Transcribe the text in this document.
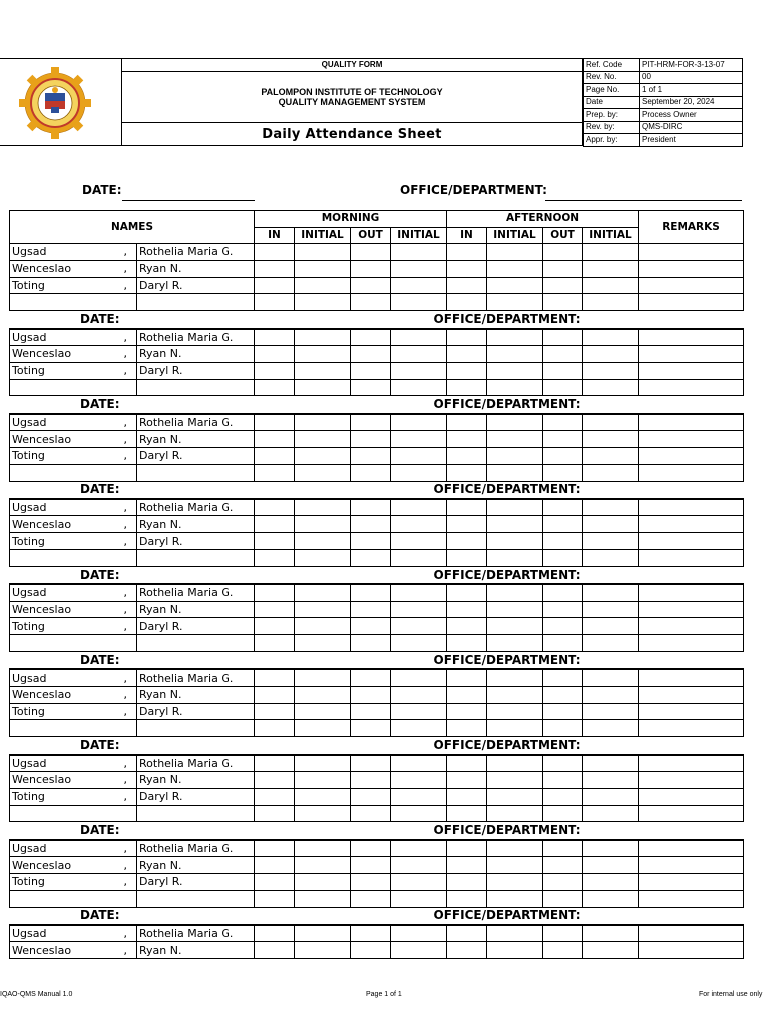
QUALITY FORM
PALOMPON INSTITUTE OF TECHNOLOGY
QUALITY MANAGEMENT SYSTEM
Daily Attendance Sheet
Ref. Code	PIT-HRM-FOR-3-13-07
Rev. No.	00
Page No.	1 of 1
Date	September 20, 2024
Prep. by:	Process Owner
Rev. by:	QMS-DIRC
Appr. by:	President
DATE:	OFFICE/DEPARTMENT:
NAMES			MORNING				AFTERNOON				REMARKS
			IN	INITIAL	OUT	INITIAL	IN	INITIAL	OUT	INITIAL	
Ugsad	,	Rothelia Maria G.									
Wenceslao	,	Ryan N.									
Toting	,	Daryl R.									

DATE:						OFFICE/DEPARTMENT:					
Ugsad	,	Rothelia Maria G.									
Wenceslao	,	Ryan N.									
Toting	,	Daryl R.									

DATE:						OFFICE/DEPARTMENT:					
Ugsad	,	Rothelia Maria G.									
Wenceslao	,	Ryan N.									
Toting	,	Daryl R.									

DATE:						OFFICE/DEPARTMENT:					
Ugsad	,	Rothelia Maria G.									
Wenceslao	,	Ryan N.									
Toting	,	Daryl R.									

DATE:						OFFICE/DEPARTMENT:					
Ugsad	,	Rothelia Maria G.									
Wenceslao	,	Ryan N.									
Toting	,	Daryl R.									

DATE:						OFFICE/DEPARTMENT:					
Ugsad	,	Rothelia Maria G.									
Wenceslao	,	Ryan N.									
Toting	,	Daryl R.									

DATE:						OFFICE/DEPARTMENT:					
Ugsad	,	Rothelia Maria G.									
Wenceslao	,	Ryan N.									
Toting	,	Daryl R.									

DATE:						OFFICE/DEPARTMENT:					
Ugsad	,	Rothelia Maria G.									
Wenceslao	,	Ryan N.									
Toting	,	Daryl R.									

DATE:						OFFICE/DEPARTMENT:					
Ugsad	,	Rothelia Maria G.									
Wenceslao	,	Ryan N.									
IQAO-QMS Manual 1.0	Page 1 of 1	For internal use only
